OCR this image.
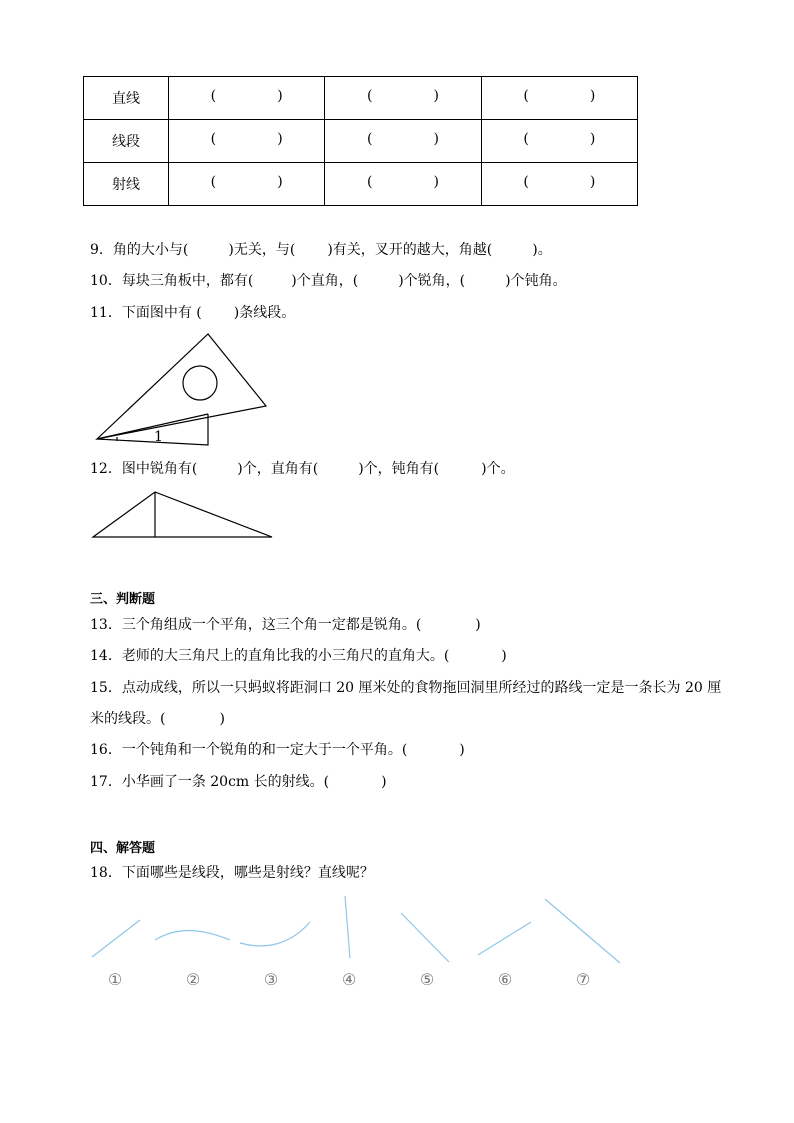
直线	( )	( )	( )

线段	( )	( )	( )

射线	( )	( )	( )
9．角的大小与(	)无关，与( )有关，叉开的越大，角越(	)。
10．每块三角板中，都有(	)个直角，(	)个锐角，(	)个钝角。
11．下面图中有 ( )条线段。
1
①	②	③	④	⑤	⑥	⑦
12．图中锐角有(	)个，直角有(	)个，钝角有(	)个。
三、判断题
13．三个角组成一个平角，这三个角一定都是锐角。(	)
14．老师的大三角尺上的直角比我的小三角尺的直角大。(	)
15．点动成线，所以一只蚂蚁将距洞口 20 厘米处的食物拖回洞里所经过的路线一定是一条长为 20 厘
米的线段。(	)
16．一个钝角和一个锐角的和一定大于一个平角。(	)
17．小华画了一条 20cm 长的射线。(	)
四、解答题
18．下面哪些是线段，哪些是射线？直线呢？
